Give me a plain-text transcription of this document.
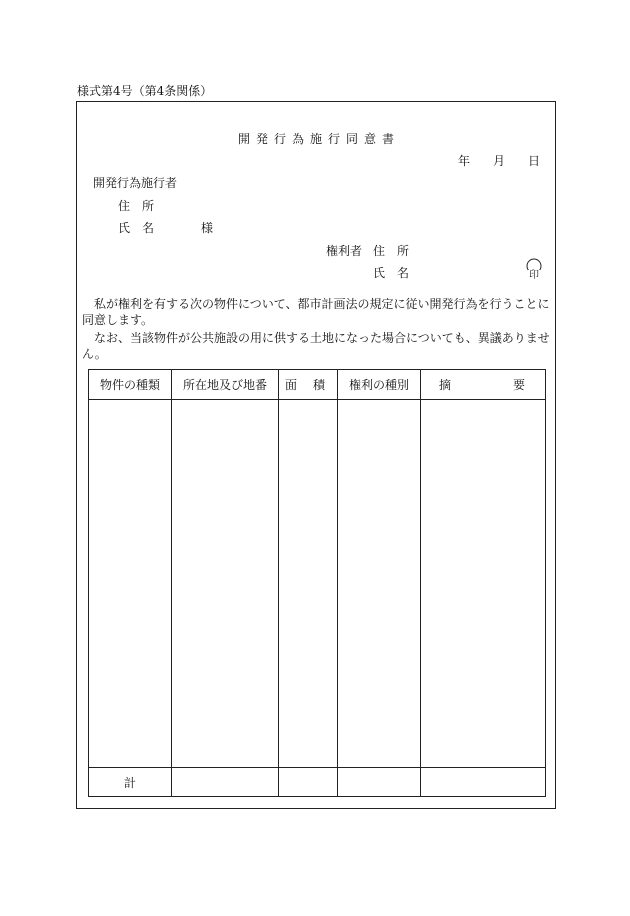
様式第4号（第4条関係）
開発行為施行同意書
年 月 日
開発行為施行者
住　所
氏　名	様
権利者 住　所
氏　名	印
　私が権利を有する次の物件について、都市計画法の規定に従い開発行為を行うことに同意します。
　なお、当該物件が公共施設の用に供する土地になった場合についても、異議ありません。
物件の種類	所在地及び地番	面 積	権利の種別	摘 要

計				
